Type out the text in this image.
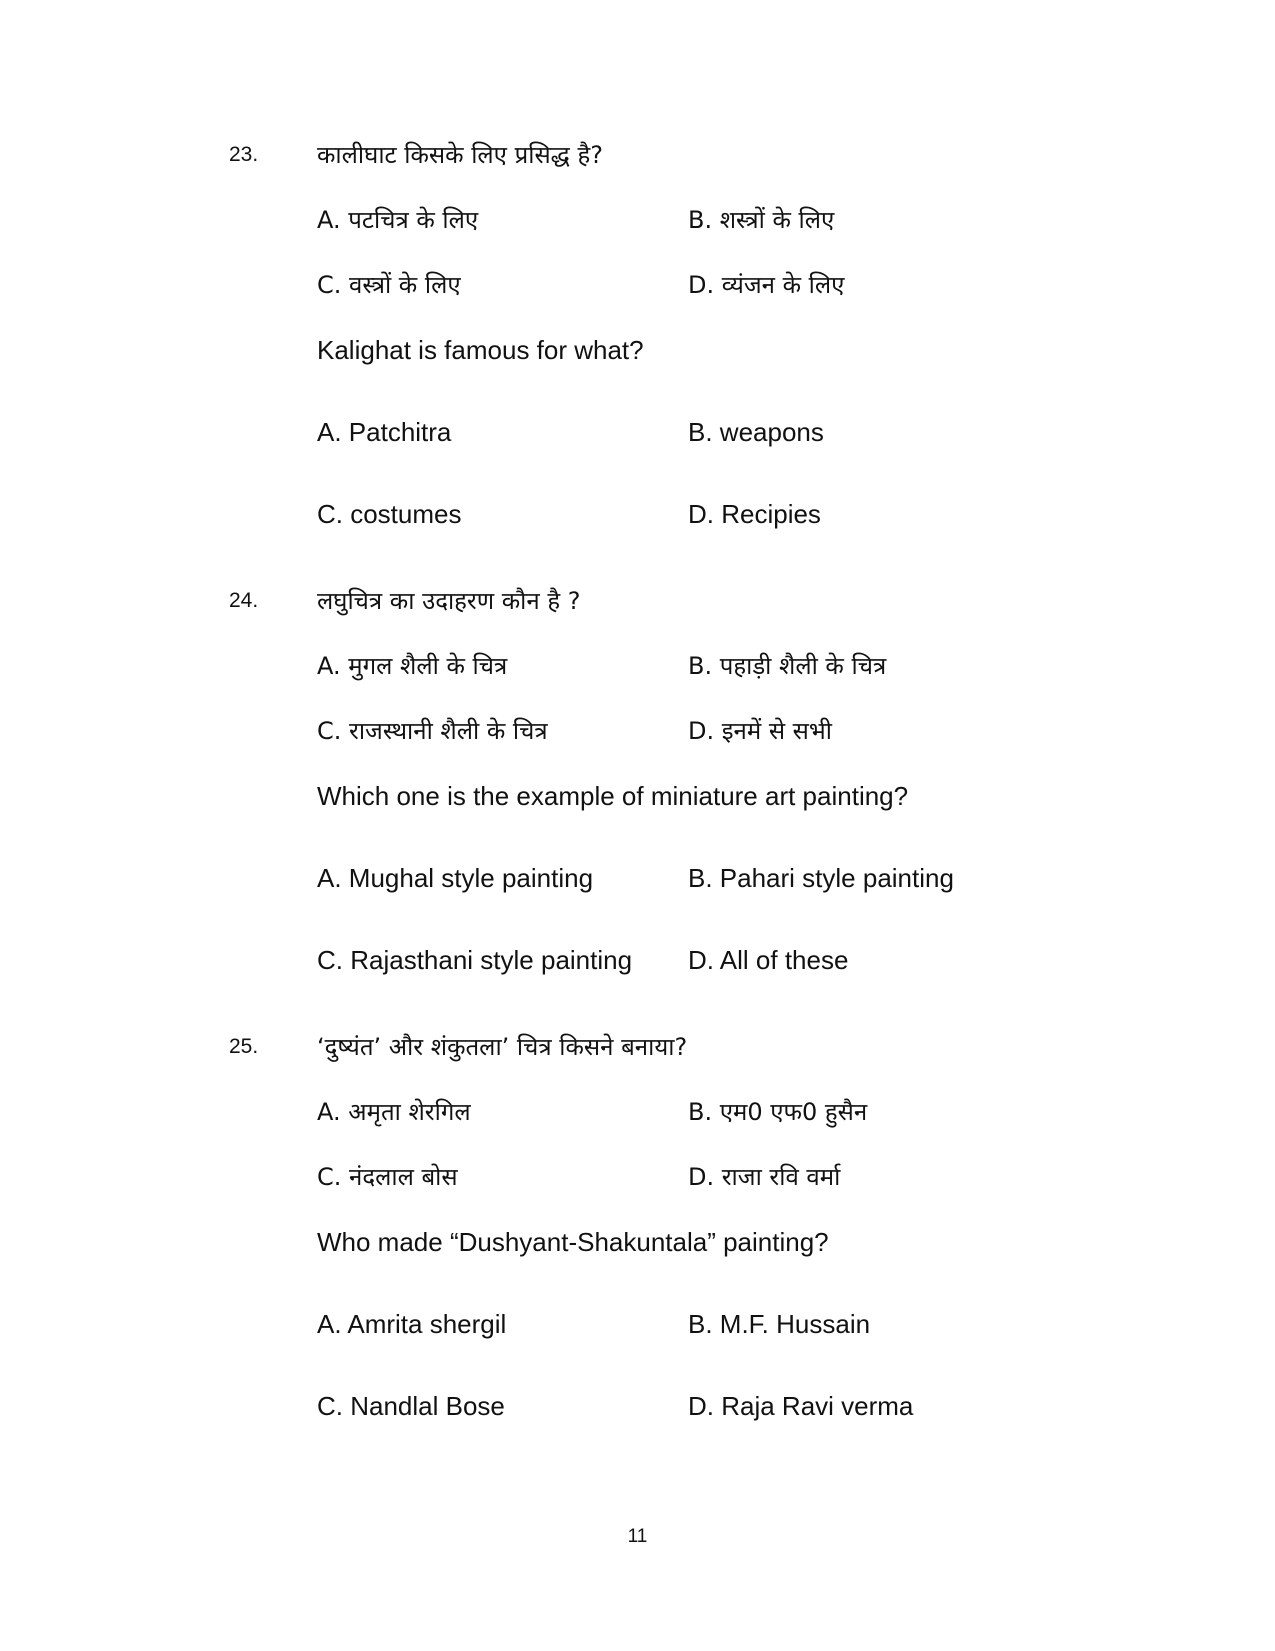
23. कालीघाट किसके लिए प्रसिद्ध है?
A. पटचित्र के लिए	B. शस्त्रों के लिए
C. वस्त्रों के लिए	D. व्यंजन के लिए
Kalighat is famous for what?
A. Patchitra	B. weapons
C. costumes	D. Recipies
24. लघुचित्र का उदाहरण कौन है ?
A. मुगल शैली के चित्र	B. पहाड़ी शैली के चित्र
C. राजस्थानी शैली के चित्र	D. इनमें से सभी
Which one is the example of miniature art painting?
A. Mughal style painting	B. Pahari style painting
C. Rajasthani style painting D. All of these
25. ‘दुष्यंत’ और शंकुतला’ चित्र किसने बनाया?
A. अमृता शेरगिल	B. एम0 एफ0 हुसैन
C. नंदलाल बोस	D. राजा रवि वर्मा
Who made “Dushyant-Shakuntala” painting?
A. Amrita shergil	B. M.F. Hussain
C. Nandlal Bose	D. Raja Ravi verma
11
